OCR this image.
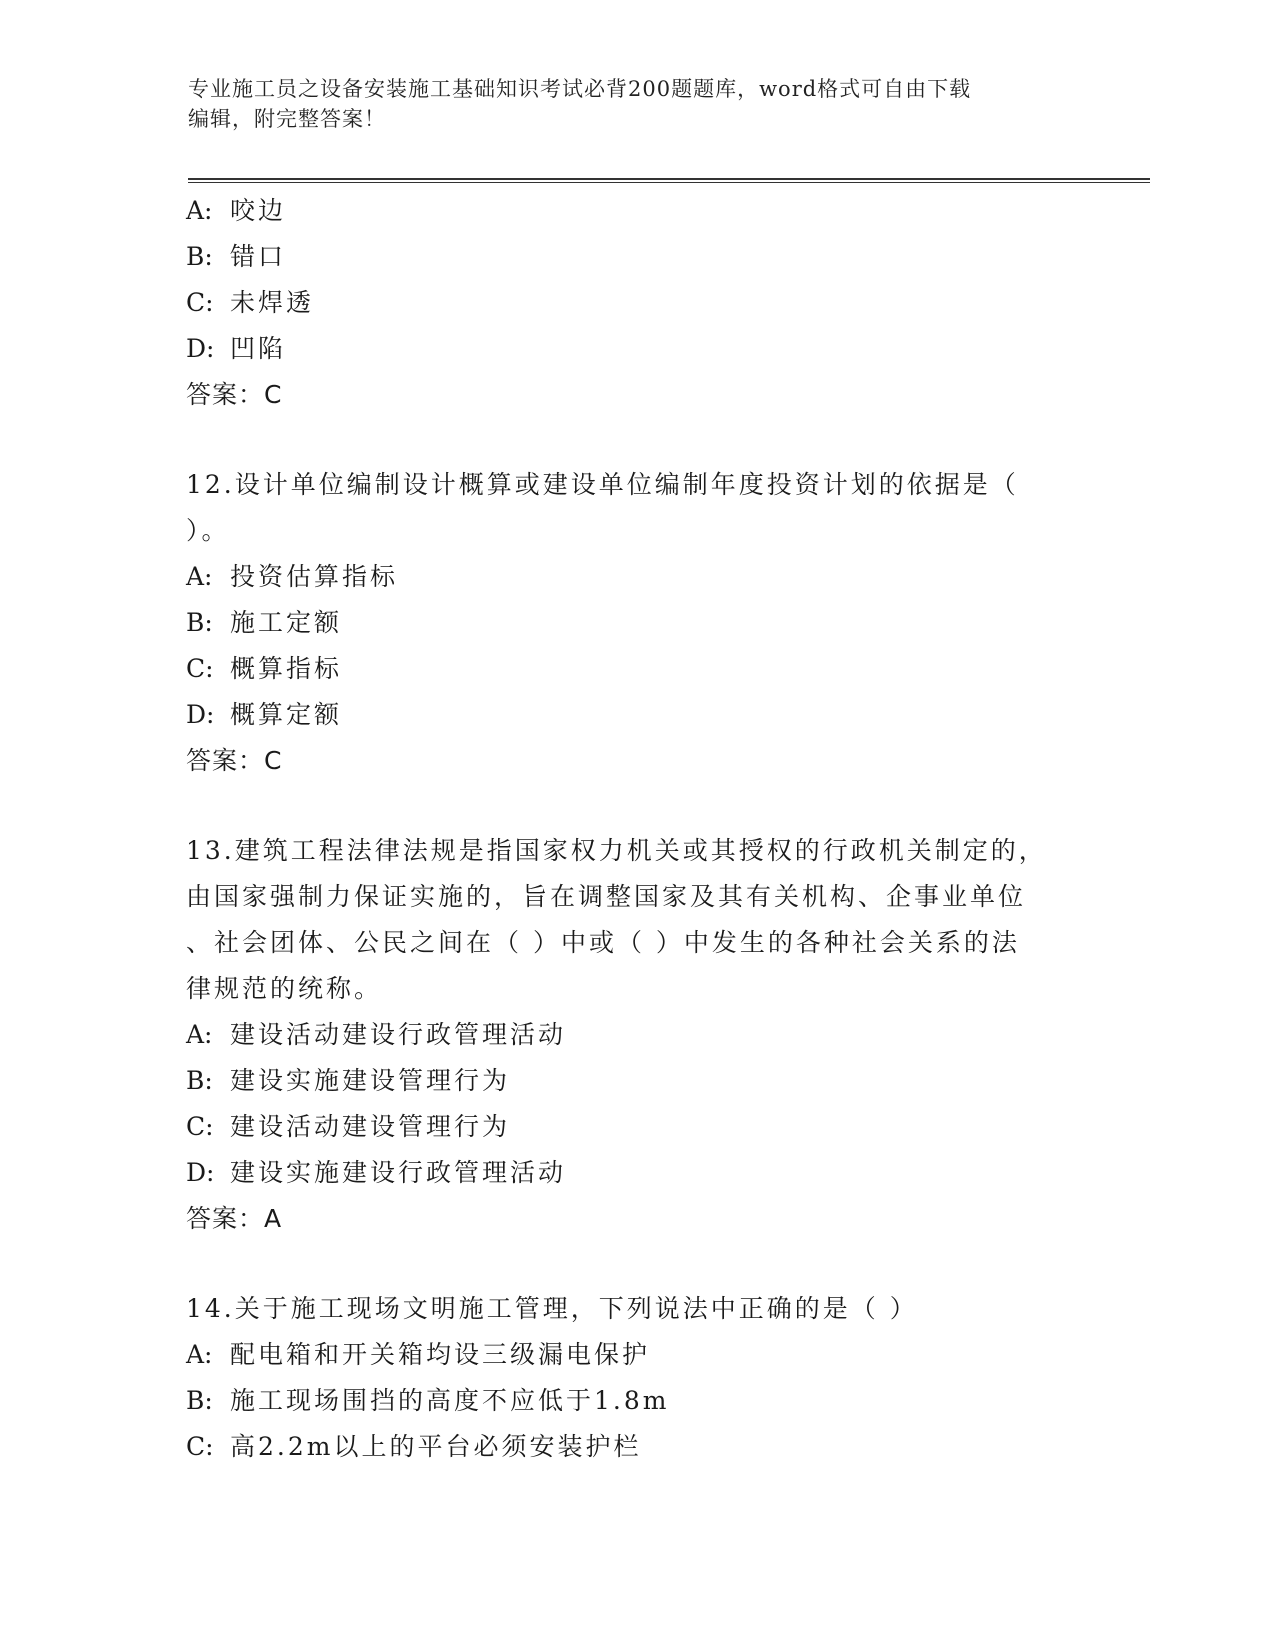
专业施工员之设备安装施工基础知识考试必背200题题库，word格式可自由下载
编辑，附完整答案！
A: 咬边
B: 错口
C: 未焊透
D: 凹陷
答案：C
12.设计单位编制设计概算或建设单位编制年度投资计划的依据是（
）。
A: 投资估算指标
B: 施工定额
C: 概算指标
D: 概算定额
答案：C
13.建筑工程法律法规是指国家权力机关或其授权的行政机关制定的，
由国家强制力保证实施的，旨在调整国家及其有关机构、企事业单位
、社会团体、公民之间在（ ）中或（ ）中发生的各种社会关系的法
律规范的统称。
A: 建设活动建设行政管理活动
B: 建设实施建设管理行为
C: 建设活动建设管理行为
D: 建设实施建设行政管理活动
答案：A
14.关于施工现场文明施工管理，下列说法中正确的是（ ）
A: 配电箱和开关箱均设三级漏电保护
B: 施工现场围挡的高度不应低于1.8m
C: 高2.2m以上的平台必须安装护栏
